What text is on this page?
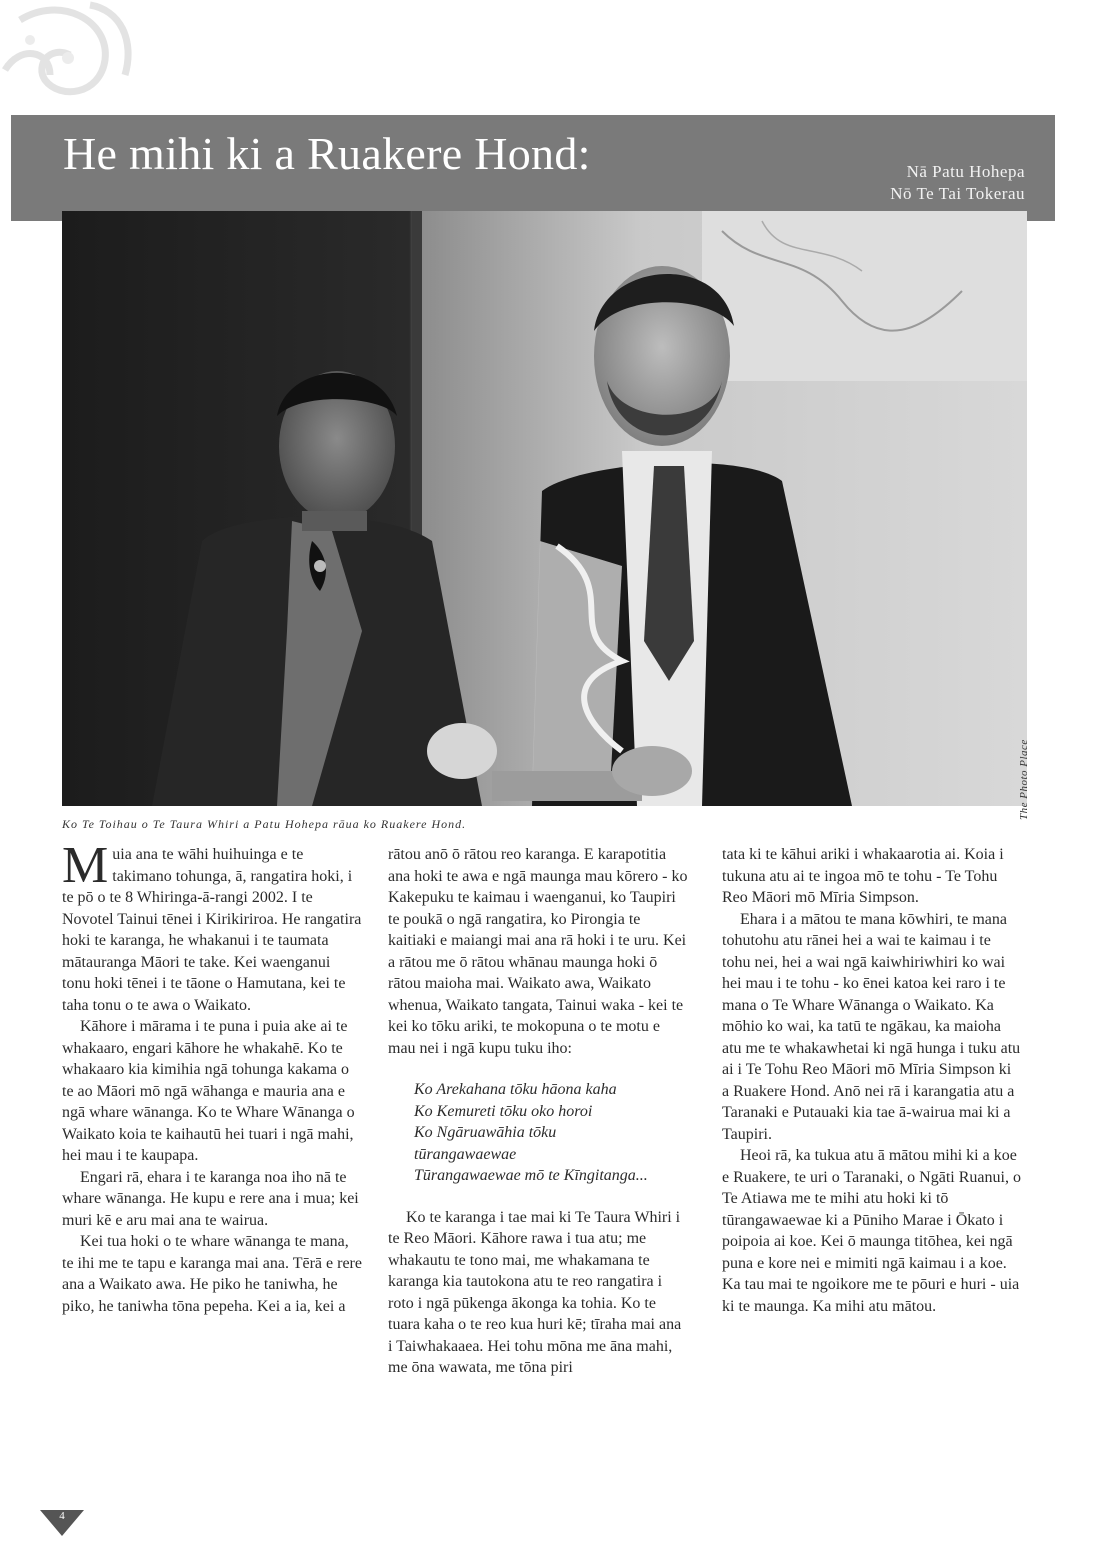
He mihi ki a Ruakere Hond:	Nā Patu Hohepa
Nō Te Tai Tokerau
The Photo Place

Ko Te Toihau o Te Taura Whiri a Patu Hohepa rāua ko Ruakere Hond.

Muia ana te wāhi huihuinga e te takimano tohunga, ā, rangatira hoki, i te pō o te 8 Whiringa-ā-rangi 2002. I te Novotel Tainui tēnei i Kirikiriroa. He rangatira hoki te karanga, he whakanui i te taumata mātauranga Māori te take. Kei waenganui tonu hoki tēnei i te tāone o Hamutana, kei te taha tonu o te awa o Waikato.

Kāhore i mārama i te puna i puia ake ai te whakaaro, engari kāhore he whakahē. Ko te whakaaro kia kimihia ngā tohunga kakama o te ao Māori mō ngā wāhanga e mauria ana e ngā whare wānanga. Ko te Whare Wānanga o Waikato koia te kaihautū hei tuari i ngā mahi, hei mau i te kaupapa.

Engari rā, ehara i te karanga noa iho nā te whare wānanga. He kupu e rere ana i mua; kei muri kē e aru mai ana te wairua.

Kei tua hoki o te whare wānanga te mana, te ihi me te tapu e karanga mai ana. Tērā e rere ana a Waikato awa. He piko he taniwha, he piko, he taniwha tōna pepeha. Kei a ia, kei a

rātou anō ō rātou reo karanga. E karapotitia ana hoki te awa e ngā maunga mau kōrero - ko Kakepuku te kaimau i waenganui, ko Taupiri te poukā o ngā rangatira, ko Pirongia te kaitiaki e maiangi mai ana rā hoki i te uru. Kei a rātou me ō rātou whānau maunga hoki ō rātou maioha mai. Waikato awa, Waikato whenua, Waikato tangata, Tainui waka - kei te kei ko tōku ariki, te mokopuna o te motu e mau nei i ngā kupu tuku iho:

Ko Arekahana tōku hāona kaha
Ko Kemureti tōku oko horoi
Ko Ngāruawāhia tōku
tūrangawaewae
Tūrangawaewae mō te Kīngitanga...

Ko te karanga i tae mai ki Te Taura Whiri i te Reo Māori. Kāhore rawa i tua atu; me whakautu te tono mai, me whakamana te karanga kia tautokona atu te reo rangatira i roto i ngā pūkenga ākonga ka tohia. Ko te tuara kaha o te reo kua huri kē; tīraha mai ana i Taiwhakaaea. Hei tohu mōna me āna mahi, me ōna wawata, me tōna piri

tata ki te kāhui ariki i whakaarotia ai. Koia i tukuna atu ai te ingoa mō te tohu - Te Tohu Reo Māori mō Mīria Simpson.

Ehara i a mātou te mana kōwhiri, te mana tohutohu atu rānei hei a wai te kaimau i te tohu nei, hei a wai ngā kaiwhiriwhiri ko wai hei mau i te tohu - ko ēnei katoa kei raro i te mana o Te Whare Wānanga o Waikato. Ka mōhio ko wai, ka tatū te ngākau, ka maioha atu me te whakawhetai ki ngā hunga i tuku atu ai i Te Tohu Reo Māori mō Mīria Simpson ki a Ruakere Hond. Anō nei rā i karangatia atu a Taranaki e Putauaki kia tae ā-wairua mai ki a Taupiri.

Heoi rā, ka tukua atu ā mātou mihi ki a koe e Ruakere, te uri o Taranaki, o Ngāti Ruanui, o Te Atiawa me te mihi atu hoki ki tō tūrangawaewae ki a Pūniho Marae i Ōkato i poipoia ai koe. Kei ō maunga titōhea, kei ngā puna e kore nei e mimiti ngā kaimau i a koe. Ka tau mai te ngoikore me te pōuri e huri - uia ki te maunga. Ka mihi atu mātou.

4
